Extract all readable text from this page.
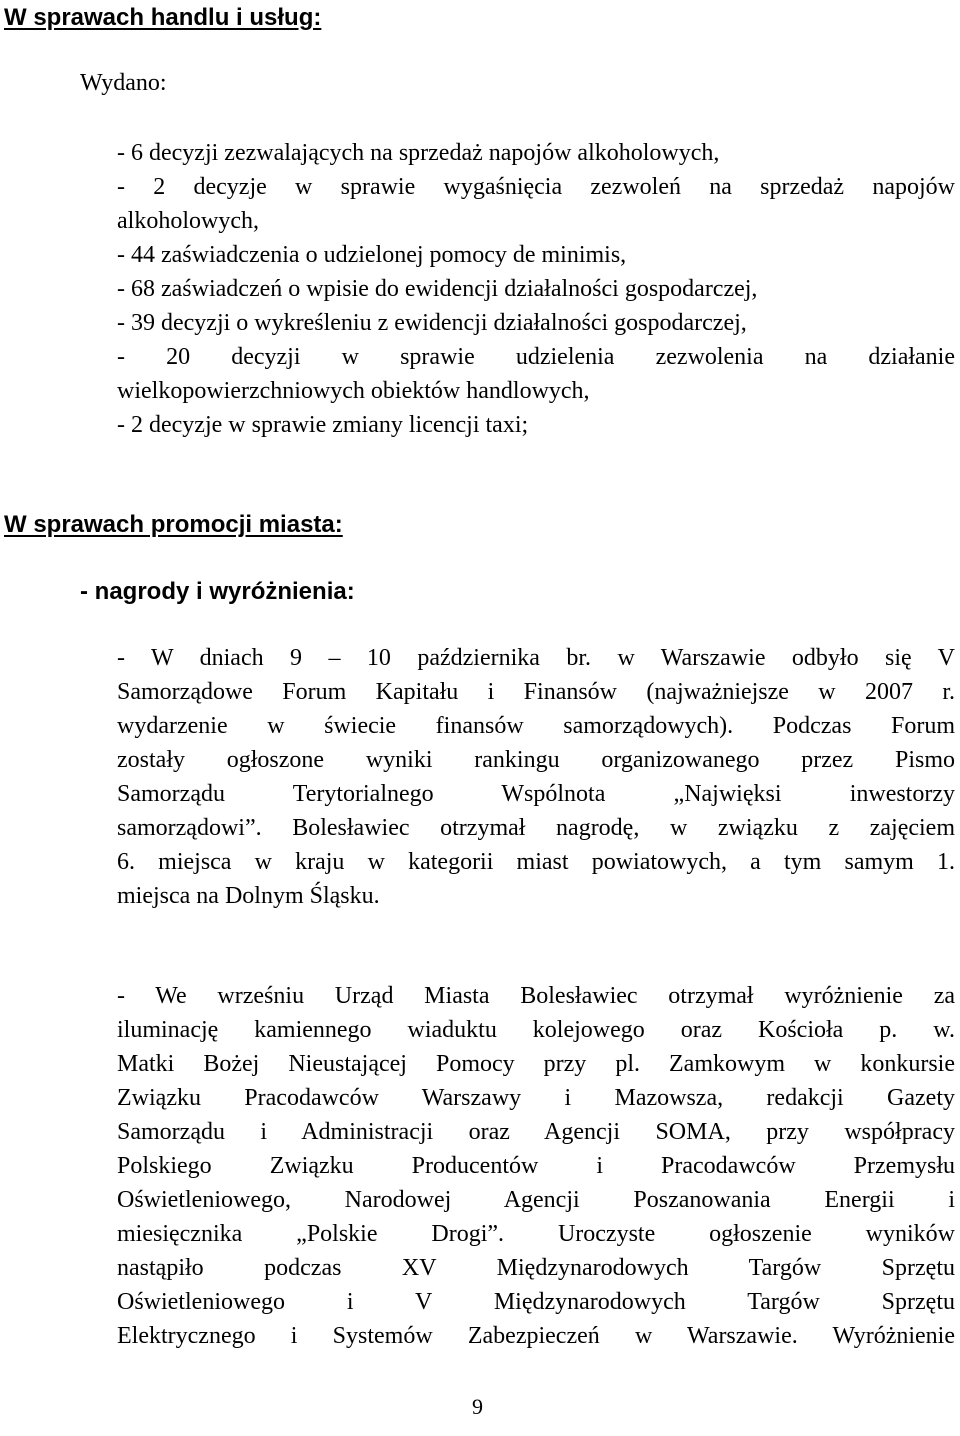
W sprawach handlu i usług:
Wydano:
- 6 decyzji zezwalających na sprzedaż napojów alkoholowych,
- 2 decyzje w sprawie wygaśnięcia zezwoleń na sprzedaż napojów
alkoholowych,
- 44 zaświadczenia o udzielonej pomocy de minimis,
- 68 zaświadczeń o wpisie do ewidencji działalności gospodarczej,
- 39 decyzji o wykreśleniu z ewidencji działalności gospodarczej,
- 20 decyzji w sprawie udzielenia zezwolenia na działanie
wielkopowierzchniowych obiektów handlowych,
- 2 decyzje w sprawie zmiany licencji taxi;
W sprawach promocji miasta:
- nagrody i wyróżnienia:
- W dniach 9 – 10 października br. w Warszawie odbyło się V
Samorządowe Forum Kapitału i Finansów (najważniejsze w 2007 r.
wydarzenie w świecie finansów samorządowych). Podczas Forum
zostały ogłoszone wyniki rankingu organizowanego przez Pismo
Samorządu Terytorialnego Wspólnota „Najwięksi inwestorzy
samorządowi”. Bolesławiec otrzymał nagrodę, w związku z zajęciem
6. miejsca w kraju w kategorii miast powiatowych, a tym samym 1.
miejsca na Dolnym Śląsku.
- We wrześniu Urząd Miasta Bolesławiec otrzymał wyróżnienie za
iluminację kamiennego wiaduktu kolejowego oraz Kościoła p. w.
Matki Bożej Nieustającej Pomocy przy pl. Zamkowym w konkursie
Związku Pracodawców Warszawy i Mazowsza, redakcji Gazety
Samorządu i Administracji oraz Agencji SOMA, przy współpracy
Polskiego Związku Producentów i Pracodawców Przemysłu
Oświetleniowego, Narodowej Agencji Poszanowania Energii i
miesięcznika „Polskie Drogi”. Uroczyste ogłoszenie wyników
nastąpiło podczas XV Międzynarodowych Targów Sprzętu
Oświetleniowego i V Międzynarodowych Targów Sprzętu
Elektrycznego i Systemów Zabezpieczeń w Warszawie. Wyróżnienie
9
